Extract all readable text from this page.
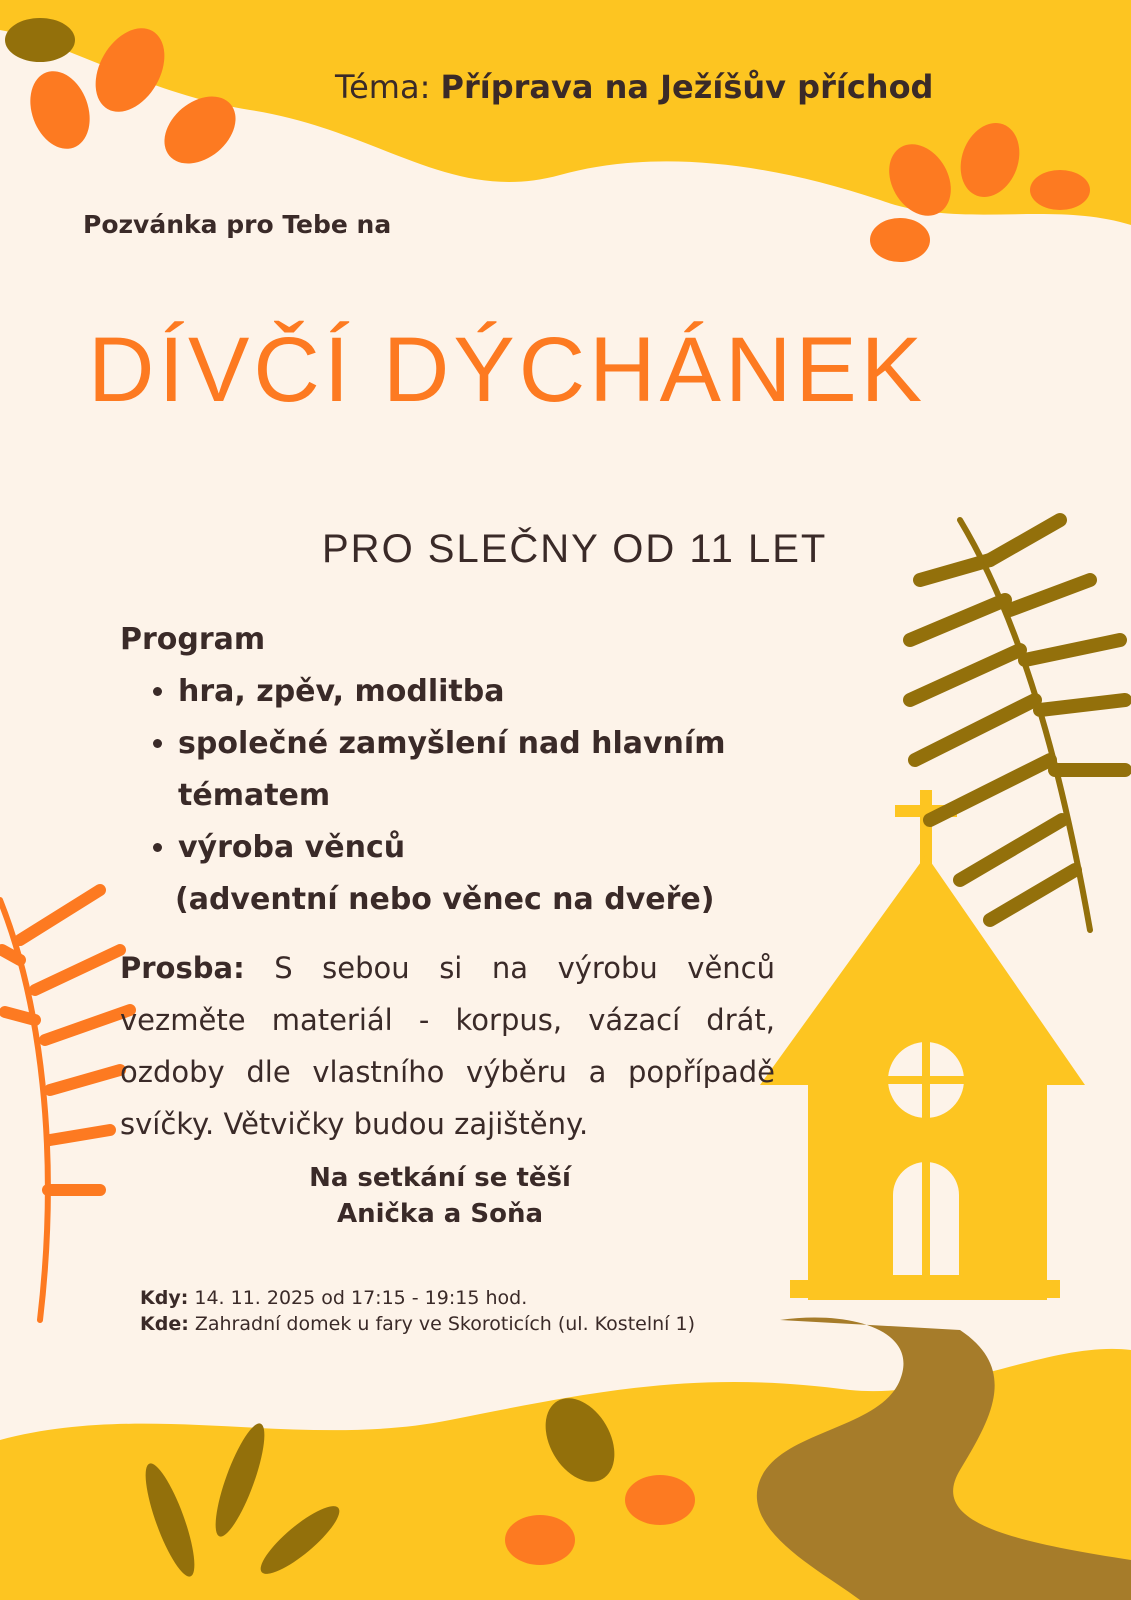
Téma: Příprava na Ježíšův příchod
Pozvánka pro Tebe na
DÍVČÍ DÝCHÁNEK
PRO SLEČNY OD 11 LET
Program
• hra, zpěv, modlitba
• společné zamyšlení nad hlavním tématem
• výroba věnců
(adventní nebo věnec na dveře)
Prosba: S sebou si na výrobu věnců vezměte materiál - korpus, vázací drát, ozdoby dle vlastního výběru a popřípadě svíčky. Větvičky budou zajištěny.
Na setkání se těší
Anička a Soňa
Kdy: 14. 11. 2025 od 17:15 - 19:15 hod.
Kde: Zahradní domek u fary ve Skoroticích (ul. Kostelní 1)
